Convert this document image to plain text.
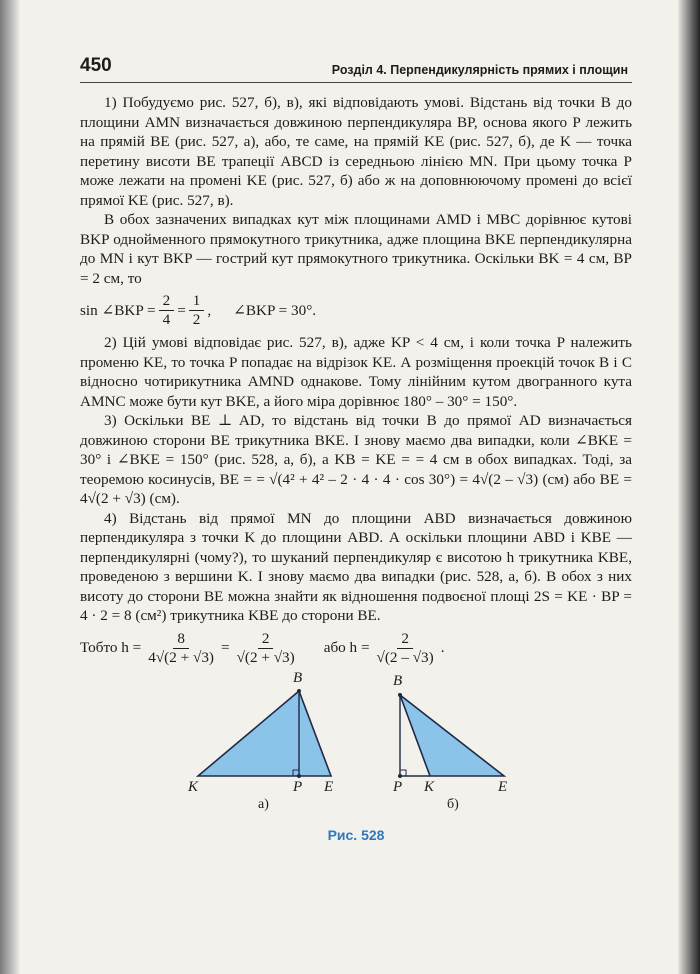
450	Розділ 4. Перпендикулярність прямих і площин

1) Побудуємо рис. 527, б), в), які відповідають умові. Відстань від точки B до площини AMN визначається довжиною перпендикуляра BP, основа якого P лежить на прямій BE (рис. 527, а), або, те саме, на прямій KE (рис. 527, б), де K — точка перетину висоти BE трапеції ABCD із середньою лінією MN. При цьому точка P може лежати на промені KE (рис. 527, б) або ж на доповнюючому промені до всієї прямої KE (рис. 527, в).

В обох зазначених випадках кут між площинами AMD і MBC дорівнює кутові BKP однойменного прямокутного трикутника, адже площина BKE перпендикулярна до MN і кут BKP — гострий кут прямокутного трикутника. Оскільки BK = 4 см, BP = 2 см, то

sin ∠BKP = $\frac{2}{4} = \frac{1}{2}$ , ∠BKP = 30°.

2) Цій умові відповідає рис. 527, в), адже KP < 4 см, і коли точка P належить променю KE, то точка P попадає на відрізок KE. А розміщення проекцій точок B і C відносно чотирикутника AMND однакове. Тому лінійним кутом двогранного кута AMNC може бути кут BKE, а його міра дорівнює 180° – 30° = 150°.

3) Оскільки BE ⊥ AD, то відстань від точки B до прямої AD визначається довжиною сторони BE трикутника BKE. І знову маємо два випадки, коли ∠BKE = 30° і ∠BKE = 150° (рис. 528, а, б), а KB = KE = = 4 см в обох випадках. Тоді, за теоремою косинусів, BE = = √(4² + 4² – 2 · 4 · 4 · cos 30°) = 4√(2 – √3) (см) або BE = 4√(2 + √3) (см).

4) Відстань від прямої MN до площини ABD визначається довжиною перпендикуляра з точки K до площини ABD. А оскільки площини ABD і KBE — перпендикулярні (чому?), то шуканий перпендикуляр є висотою h трикутника KBE, проведеною з вершини K. І знову маємо два випадки (рис. 528, а, б). В обох з них висоту до сторони BE можна знайти як відношення подвоєної площі 2S = KE · BP = 4 · 2 = 8 (см²) трикутника KBE до сторони BE.

Тобто $h = \frac{8}{4√(2 + √3)} = \frac{2}{√(2 + √3)}$ або $h = \frac{2}{√(2 - √3)}$ .
B
K	P E
а)
B
P K	E
б)
Рис. 528
